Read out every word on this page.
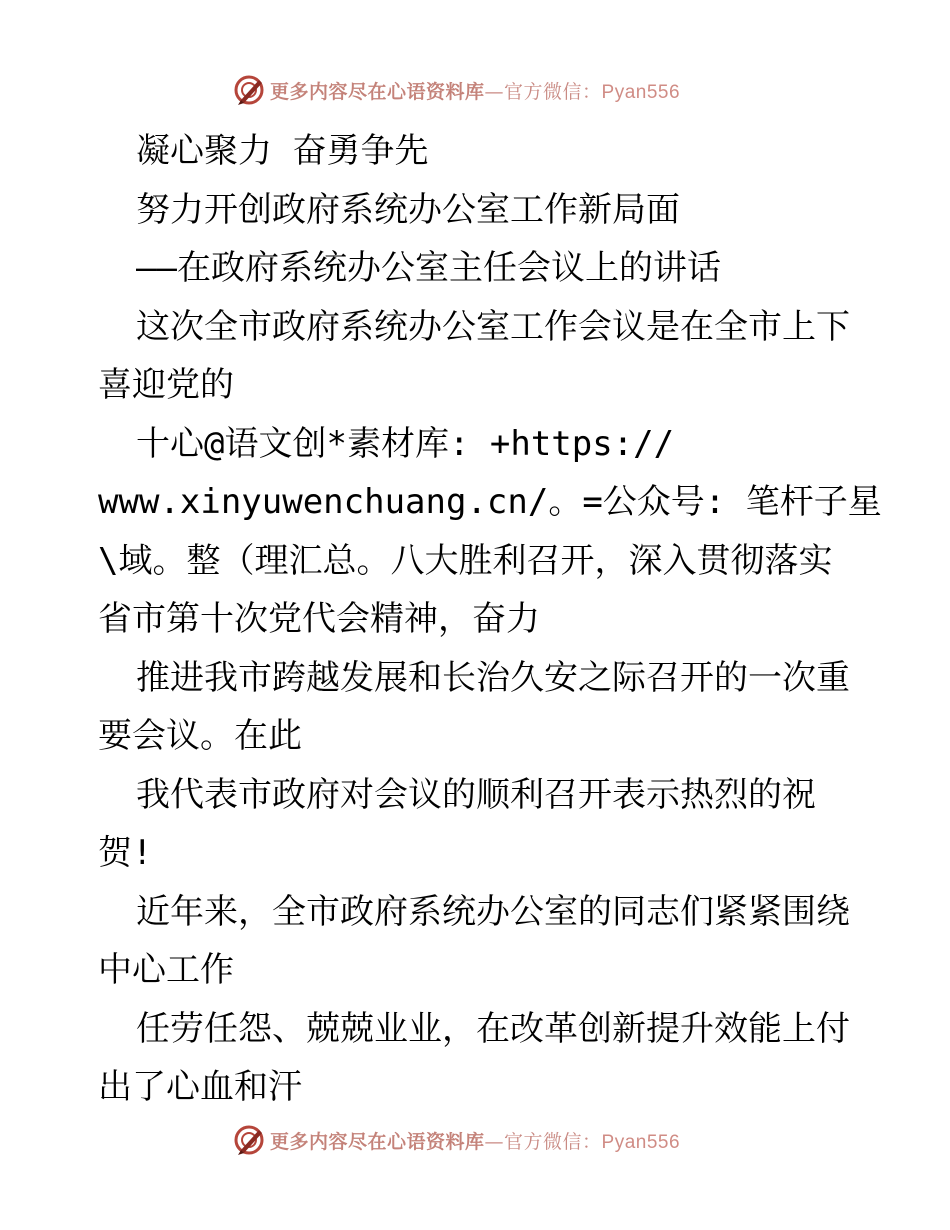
更多内容尽在心语资料库—官方微信：Pyan556
凝心聚力 奋勇争先
努力开创政府系统办公室工作新局面
——在政府系统办公室主任会议上的讲话
这次全市政府系统办公室工作会议是在全市上下
喜迎党的
十心@语文创*素材库: +https://
www.xinyuwenchuang.cn/。=公众号: 笔杆子星
\域。整（理汇总。八大胜利召开，深入贯彻落实
省市第十次党代会精神，奋力
推进我市跨越发展和长治久安之际召开的一次重
要会议。在此
我代表市政府对会议的顺利召开表示热烈的祝
贺!
近年来，全市政府系统办公室的同志们紧紧围绕
中心工作
任劳任怨、兢兢业业，在改革创新提升效能上付
出了心血和汗
更多内容尽在心语资料库—官方微信：Pyan556
